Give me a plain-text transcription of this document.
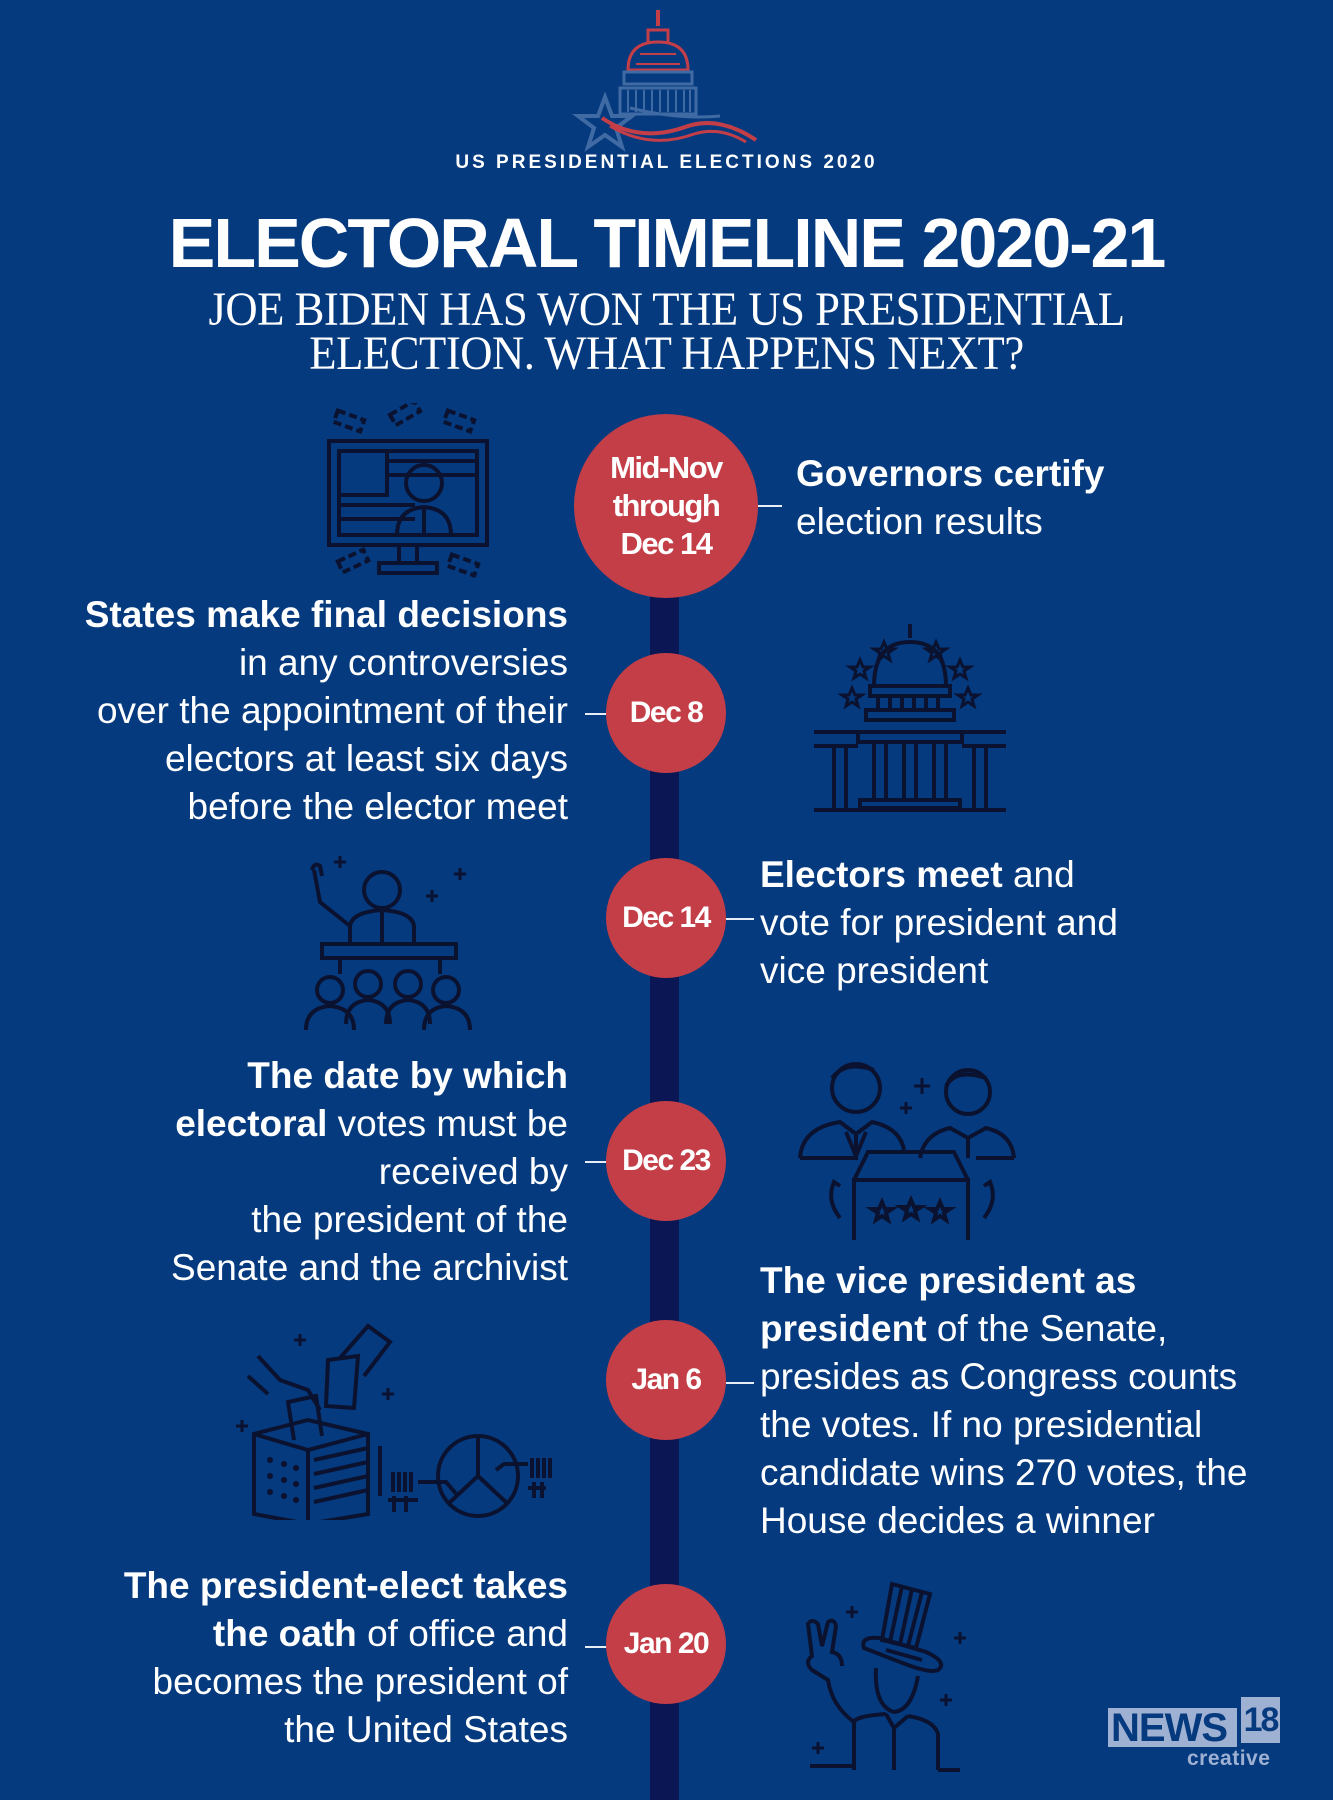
US PRESIDENTIAL ELECTIONS 2020
ELECTORAL TIMELINE 2020-21
JOE BIDEN HAS WON THE US PRESIDENTIAL
ELECTION. WHAT HAPPENS NEXT?
Mid-Nov
through
Dec 14
Governors certify
election results
States make final decisions
in any controversies
over the appointment of their
electors at least six days
before the elector meet
Dec 8
Dec 14
Electors meet and
vote for president and
vice president
The date by which
electoral votes must be
received by
the president of the
Senate and the archivist
Dec 23
Jan 6
The vice president as
president of the Senate,
presides as Congress counts
the votes. If no presidential
candidate wins 270 votes, the
House decides a winner
The president-elect takes
the oath of office and
becomes the president of
the United States
Jan 20
NEWS 18
creative
